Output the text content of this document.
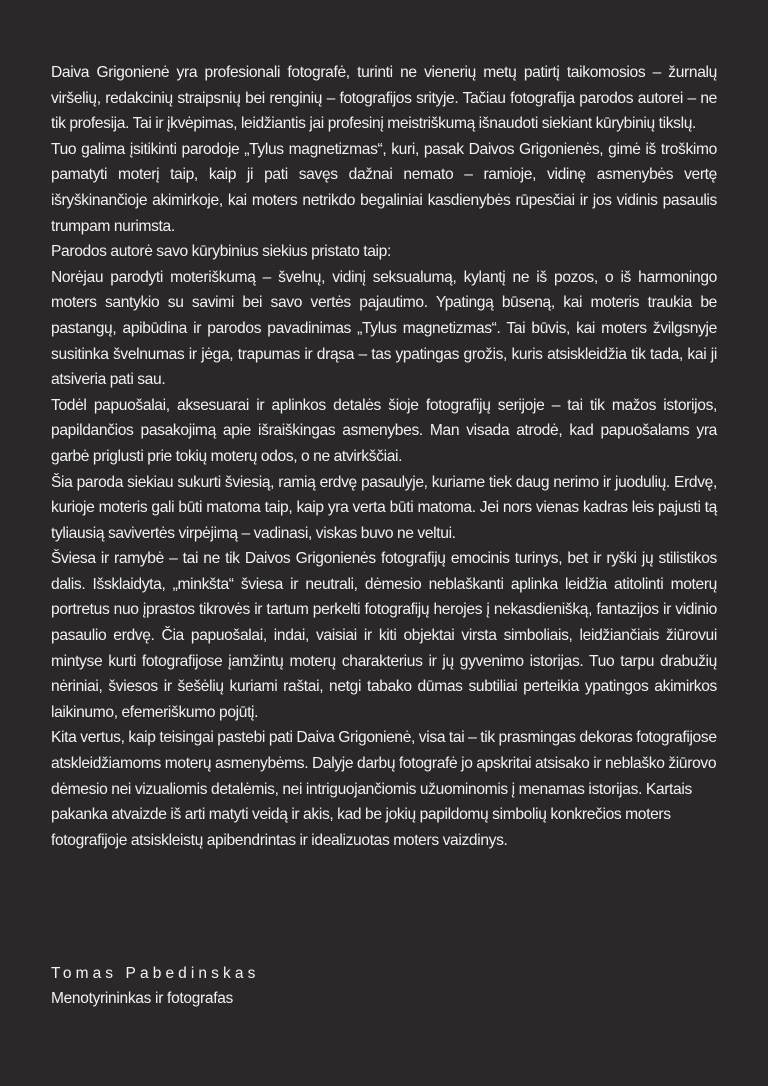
Daiva Grigonienė yra profesionali fotografė, turinti ne vienerių metų patirtį taikomosios – žurnalų viršelių, redakcinių straipsnių bei renginių – fotografijos srityje. Tačiau fotografija parodos autorei – ne tik profesija. Tai ir įkvėpimas, leidžiantis jai profesinį meistriškumą išnaudoti siekiant kūrybinių tikslų.

Tuo galima įsitikinti parodoje „Tylus magnetizmas“, kuri, pasak Daivos Grigonienės, gimė iš troškimo pamatyti moterį taip, kaip ji pati savęs dažnai nemato – ramioje, vidinę asmenybės vertę išryškinančioje akimirkoje, kai moters netrikdo begaliniai kasdienybės rūpesčiai ir jos vidinis pasaulis trumpam nurimsta.

Parodos autorė savo kūrybinius siekius pristato taip:

Norėjau parodyti moteriškumą – švelnų, vidinį seksualumą, kylantį ne iš pozos, o iš harmoningo moters santykio su savimi bei savo vertės pajautimo. Ypatingą būseną, kai moteris traukia be pastangų, apibūdina ir parodos pavadinimas „Tylus magnetizmas“. Tai būvis, kai moters žvilgsnyje susitinka švelnumas ir jėga, trapumas ir drąsa – tas ypatingas grožis, kuris atsiskleidžia tik tada, kai ji atsiveria pati sau.

Todėl papuošalai, aksesuarai ir aplinkos detalės šioje fotografijų serijoje – tai tik mažos istorijos, papildančios pasakojimą apie išraiškingas asmenybes. Man visada atrodė, kad papuošalams yra garbė priglusti prie tokių moterų odos, o ne atvirkščiai.

Šia paroda siekiau sukurti šviesią, ramią erdvę pasaulyje, kuriame tiek daug nerimo ir juodulių. Erdvę, kurioje moteris gali būti matoma taip, kaip yra verta būti matoma. Jei nors vienas kadras leis pajusti tą tyliausią savivertės virpėjimą – vadinasi, viskas buvo ne veltui.

Šviesa ir ramybė – tai ne tik Daivos Grigonienės fotografijų emocinis turinys, bet ir ryški jų stilistikos dalis. Išsklaidyta, „minkšta“ šviesa ir neutrali, dėmesio neblaškanti aplinka leidžia atitolinti moterų portretus nuo įprastos tikrovės ir tartum perkelti fotografijų herojes į nekasdienišką, fantazijos ir vidinio pasaulio erdvę. Čia papuošalai, indai, vaisiai ir kiti objektai virsta simboliais, leidžiančiais žiūrovui mintyse kurti fotografijose įamžintų moterų charakterius ir jų gyvenimo istorijas. Tuo tarpu drabužių nėriniai, šviesos ir šešėlių kuriami raštai, netgi tabako dūmas subtiliai perteikia ypatingos akimirkos laikinumo, efemeriškumo pojūtį.

Kita vertus, kaip teisingai pastebi pati Daiva Grigonienė, visa tai – tik prasmingas dekoras fotografijose atskleidžiamoms moterų asmenybėms. Dalyje darbų fotografė jo apskritai atsisako ir neblaško žiūrovo dėmesio nei vizualiomis detalėmis, nei intriguojančiomis užuominomis į menamas istorijas. Kartais pakanka atvaizde iš arti matyti veidą ir akis, kad be jokių papildomų simbolių konkrečios moters fotografijoje atsiskleistų apibendrintas ir idealizuotas moters vaizdinys.

Tomas Pabedinskas
Menotyrininkas ir fotografas
